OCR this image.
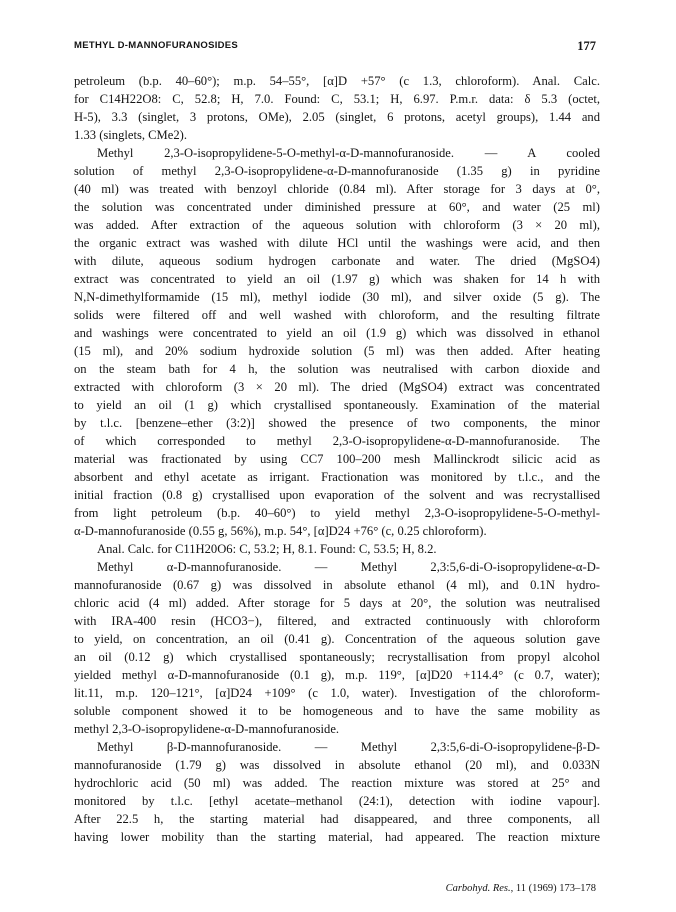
METHYL D-MANNOFURANOSIDES	177
petroleum (b.p. 40–60°); m.p. 54–55°, [α]D +57° (c 1.3, chloroform). Anal. Calc.
for C14H22O8: C, 52.8; H, 7.0. Found: C, 53.1; H, 6.97. P.m.r. data: δ 5.3 (octet,
H-5), 3.3 (singlet, 3 protons, OMe), 2.05 (singlet, 6 protons, acetyl groups), 1.44 and
1.33 (singlets, CMe2).
Methyl 2,3-O-isopropylidene-5-O-methyl-α-D-mannofuranoside. — A cooled
solution of methyl 2,3-O-isopropylidene-α-D-mannofuranoside (1.35 g) in pyridine
(40 ml) was treated with benzoyl chloride (0.84 ml). After storage for 3 days at 0°,
the solution was concentrated under diminished pressure at 60°, and water (25 ml)
was added. After extraction of the aqueous solution with chloroform (3 × 20 ml),
the organic extract was washed with dilute HCl until the washings were acid, and then
with dilute, aqueous sodium hydrogen carbonate and water. The dried (MgSO4)
extract was concentrated to yield an oil (1.97 g) which was shaken for 14 h with
N,N-dimethylformamide (15 ml), methyl iodide (30 ml), and silver oxide (5 g). The
solids were filtered off and well washed with chloroform, and the resulting filtrate
and washings were concentrated to yield an oil (1.9 g) which was dissolved in ethanol
(15 ml), and 20% sodium hydroxide solution (5 ml) was then added. After heating
on the steam bath for 4 h, the solution was neutralised with carbon dioxide and
extracted with chloroform (3 × 20 ml). The dried (MgSO4) extract was concentrated
to yield an oil (1 g) which crystallised spontaneously. Examination of the material
by t.l.c. [benzene–ether (3:2)] showed the presence of two components, the minor
of which corresponded to methyl 2,3-O-isopropylidene-α-D-mannofuranoside. The
material was fractionated by using CC7 100–200 mesh Mallinckrodt silicic acid as
absorbent and ethyl acetate as irrigant. Fractionation was monitored by t.l.c., and the
initial fraction (0.8 g) crystallised upon evaporation of the solvent and was recrystallised
from light petroleum (b.p. 40–60°) to yield methyl 2,3-O-isopropylidene-5-O-methyl-
α-D-mannofuranoside (0.55 g, 56%), m.p. 54°, [α]D24 +76° (c, 0.25 chloroform).
Anal. Calc. for C11H20O6: C, 53.2; H, 8.1. Found: C, 53.5; H, 8.2.
Methyl α-D-mannofuranoside. — Methyl 2,3:5,6-di-O-isopropylidene-α-D-
mannofuranoside (0.67 g) was dissolved in absolute ethanol (4 ml), and 0.1N hydro-
chloric acid (4 ml) added. After storage for 5 days at 20°, the solution was neutralised
with IRA-400 resin (HCO3−), filtered, and extracted continuously with chloroform
to yield, on concentration, an oil (0.41 g). Concentration of the aqueous solution gave
an oil (0.12 g) which crystallised spontaneously; recrystallisation from propyl alcohol
yielded methyl α-D-mannofuranoside (0.1 g), m.p. 119°, [α]D20 +114.4° (c 0.7, water);
lit.11, m.p. 120–121°, [α]D24 +109° (c 1.0, water). Investigation of the chloroform-
soluble component showed it to be homogeneous and to have the same mobility as
methyl 2,3-O-isopropylidene-α-D-mannofuranoside.
Methyl β-D-mannofuranoside. — Methyl 2,3:5,6-di-O-isopropylidene-β-D-
mannofuranoside (1.79 g) was dissolved in absolute ethanol (20 ml), and 0.033N
hydrochloric acid (50 ml) was added. The reaction mixture was stored at 25° and
monitored by t.l.c. [ethyl acetate–methanol (24:1), detection with iodine vapour].
After 22.5 h, the starting material had disappeared, and three components, all
having lower mobility than the starting material, had appeared. The reaction mixture
Carbohyd. Res., 11 (1969) 173–178
